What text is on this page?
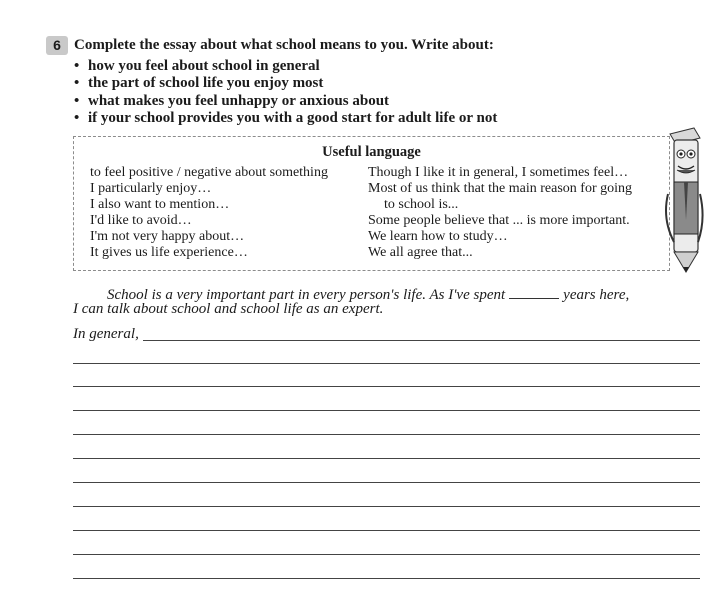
6 Complete the essay about what school means to you. Write about:
• how you feel about school in general
• the part of school life you enjoy most
• what makes you feel unhappy or anxious about
• if your school provides you with a good start for adult life or not
Useful language
to feel positive / negative about something
I particularly enjoy…
I also want to mention…
I'd like to avoid…
I'm not very happy about…
It gives us life experience…
Though I like it in general, I sometimes feel…
Most of us think that the main reason for going
to school is...
Some people believe that ... is more important.
We learn how to study…
We all agree that...
School is a very important part in every person's life. As I've spent	years here,
I can talk about school and school life as an expert.
In general,
